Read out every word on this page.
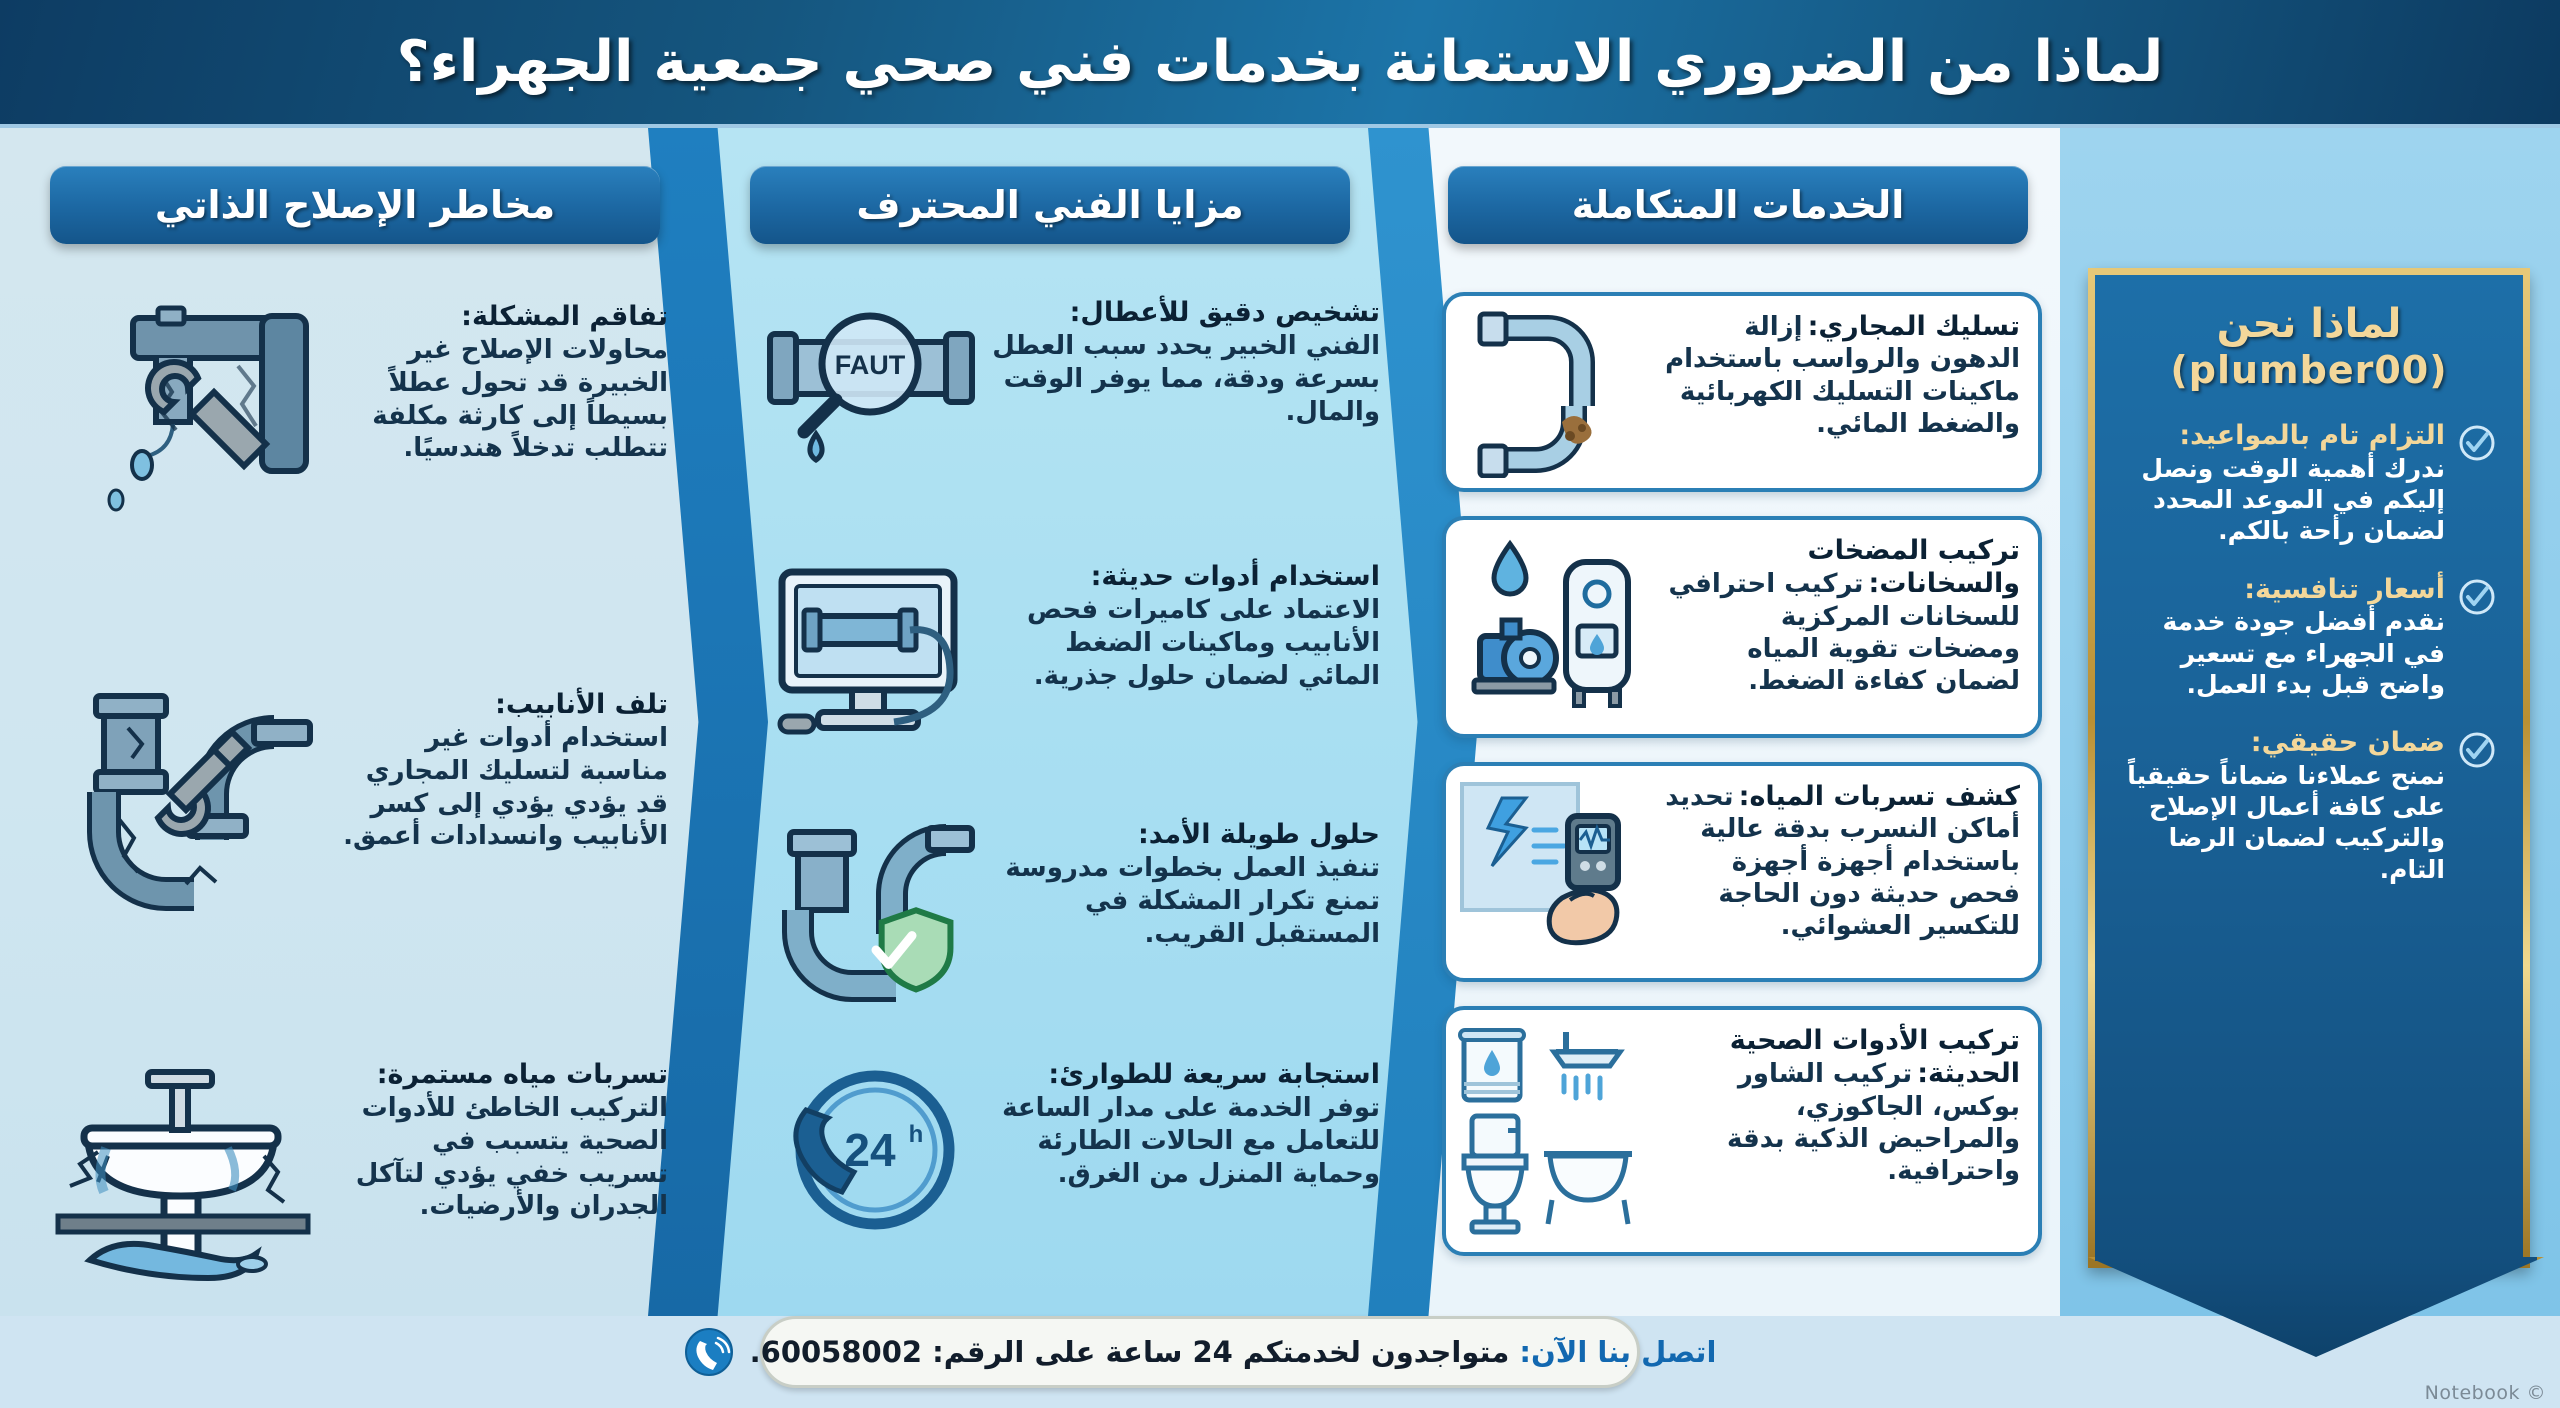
لماذا من الضروري الاستعانة بخدمات فني صحي جمعية الجهراء؟
مخاطر الإصلاح الذاتي	مزايا الفني المحترف	الخدمات المتكاملة
تفاقم المشكلة:

محاولات الإصلاح غير الخبيرة قد تحول عطلاً بسيطاً إلى كارثة مكلفة تتطلب تدخلاً هندسيًا.

تلف الأنابيب:

استخدام أدوات غير مناسبة لتسليك المجاري قد يؤدي يؤدي إلى كسر الأنابيب وانسدادات أعمق.

تسربات مياه مستمرة:

التركيب الخاطئ للأدوات الصحية يتسبب في تسريب خفي يؤدي لتآكل الجدران والأرضيات.

تشخيص دقيق للأعطال:

الفني الخبير يحدد سبب العطل بسرعة ودقة، مما يوفر الوقت والمال.

FAUT
استخدام أدوات حديثة:

الاعتماد على كاميرات فحص الأنابيب وماكينات الضغط المائي لضمان حلول جذرية.

حلول طويلة الأمد:

تنفيذ العمل بخطوات مدروسة تمنع تكرار المشكلة في المستقبل القريب.

استجابة سريعة للطوارئ:

توفر الخدمة على مدار الساعة للتعامل مع الحالات الطارئة وحماية المنزل من الغرق.

24 h
تسليك المجاري: إزالة الدهون والرواسب باستخدام ماكينات التسليك الكهربائية والضغط المائي.
تركيب المضخات والسخانات: تركيب احترافي للسخانات المركزية ومضخات تقوية المياه لضمان كفاءة الضغط.
كشف تسربات المياه: تحديد أماكن النسرب بدقة عالية باستخدام أجهزة أجهزة فحص حديثة دون الحاجة للتكسير العشوائي.
تركيب الأدوات الصحية الحديثة: تركيب الشاور بوكس، الجاكوزي، والمراحيض الذكية بدقة واحترافية.
لماذا نحن
(plumber00)
التزام تام بالمواعيد:
ندرك أهمية الوقت ونصل إليكم في الموعد المحدد لضمان رأحة بالكم.
أسعار تنافسية:
نقدم أفضل جودة خدمة في الجهراء مع تسعير واضح قبل بدء العمل.
ضمان حقيقي:
نمنح عملاءنا ضماناً حقيقياً على كافة أعمال الإصلاح والتركيب لضمان الرضا التام.
اتصل بنا الآن: متواجدون لخدمتكم 24 ساعة على الرقم: 60058002.
© Notebook
